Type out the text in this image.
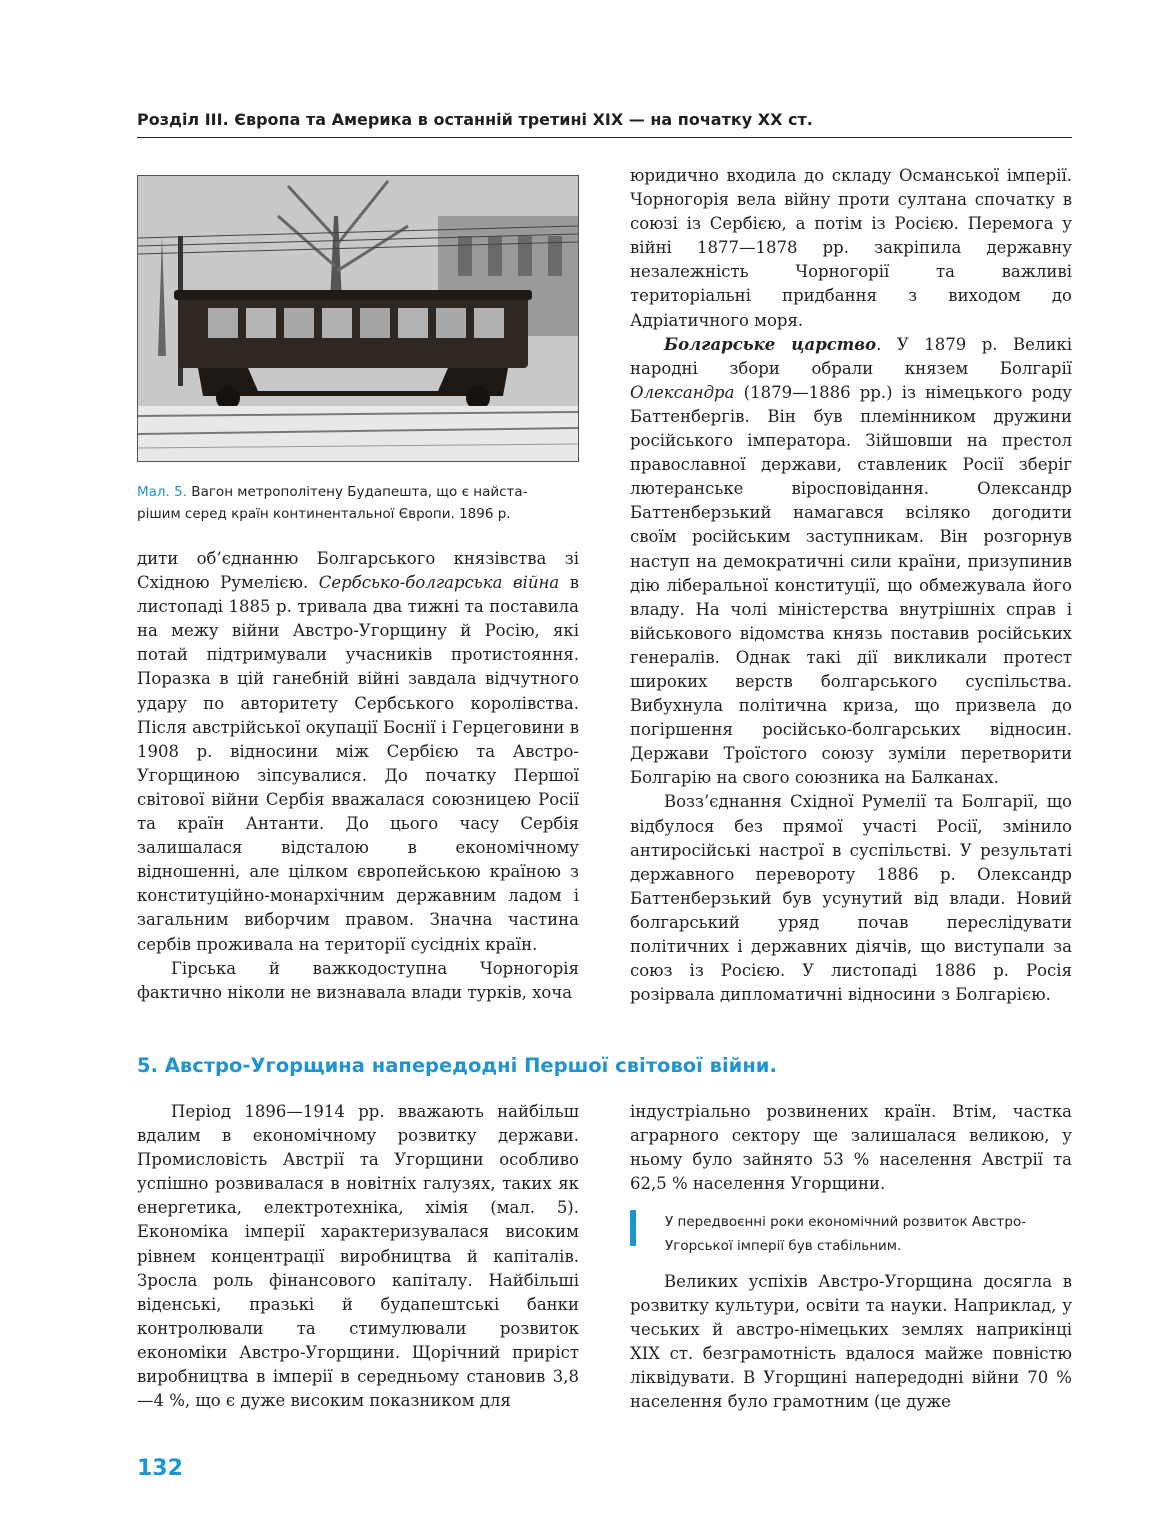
Розділ III. Європа та Америка в останній третині XIX — на початку XX ст.
Мал. 5. Вагон метрополітену Будапешта, що є найста-
рішим серед країн континентальної Європи. 1896 р.

дити об’єднанню Болгарського князівства зі Східною Румелією. Сербсько-болгарська війна в листопаді 1885 р. тривала два тижні та поставила на межу війни Австро-Угорщину й Росію, які потай підтримували учасників протистояння. Поразка в цій ганебній війні завдала відчутного удару по авторитету Сербського королівства. Після австрійської окупації Боснії і Герцеговини в 1908 р. відносини між Сербією та Австро-Угорщиною зіпсувалися. До початку Першої світової війни Сербія вважалася союзницею Росії та країн Антанти. До цього часу Сербія залишалася відсталою в економічному відношенні, але цілком європейською країною з конституційно-монархічним державним ладом і загальним виборчим правом. Значна частина сербів проживала на території сусідніх країн.

Гірська й важкодоступна Чорногорія фактично ніколи не визнавала влади турків, хоча

юридично входила до складу Османської імперії. Чорногорія вела війну проти султана спочатку в союзі із Сербією, а потім із Росією. Перемога у війні 1877—1878 рр. закріпила державну незалежність Чорногорії та важливі територіальні придбання з виходом до Адріатичного моря.

Болгарське царство. У 1879 р. Великі народні збори обрали князем Болгарії Олександра (1879—1886 рр.) із німецького роду Баттенбергів. Він був племінником дружини російського імператора. Зійшовши на престол православної держави, ставленик Росії зберіг лютеранське віросповідання. Олександр Баттенберзький намагався всіляко догодити своїм російським заступникам. Він розгорнув наступ на демократичні сили країни, призупинив дію ліберальної конституції, що обмежувала його владу. На чолі міністерства внутрішніх справ і військового відомства князь поставив російських генералів. Однак такі дії викликали протест широких верств болгарського суспільства. Вибухнула політична криза, що призвела до погіршення російсько-болгарських відносин. Держави Троїстого союзу зуміли перетворити Болгарію на свого союзника на Балканах.

Возз’єднання Східної Румелії та Болгарії, що відбулося без прямої участі Росії, змінило антиросійські настрої в суспільстві. У результаті державного перевороту 1886 р. Олександр Баттенберзький був усунутий від влади. Новий болгарський уряд почав переслідувати політичних і державних діячів, що виступали за союз із Росією. У листопаді 1886 р. Росія розірвала дипломатичні відносини з Болгарією.

5. Австро-Угорщина напередодні Першої світової війни.

Період 1896—1914 рр. вважають найбільш вдалим в економічному розвитку держави. Промисловість Австрії та Угорщини особливо успішно розвивалася в новітніх галузях, таких як енергетика, електротехніка, хімія (мал. 5). Економіка імперії характеризувалася високим рівнем концентрації виробництва й капіталів. Зросла роль фінансового капіталу. Найбільші віденські, празькі й будапештські банки контролювали та стимулювали розвиток економіки Австро-Угорщини. Щорічний приріст виробництва в імперії в середньому становив 3,8—4 %, що є дуже високим показником для

індустріально розвинених країн. Втім, частка аграрного сектору ще залишалася великою, у ньому було зайнято 53 % населення Австрії та 62,5 % населення Угорщини.

У передвоєнні роки економічний розвиток Австро-Угорської імперії був стабільним.

Великих успіхів Австро-Угорщина досягла в розвитку культури, освіти та науки. Наприклад, у чеських й австро-німецьких землях наприкінці XIX ст. безграмотність вдалося майже повністю ліквідувати. В Угорщині напередодні війни 70 % населення було грамотним (це дуже

132
